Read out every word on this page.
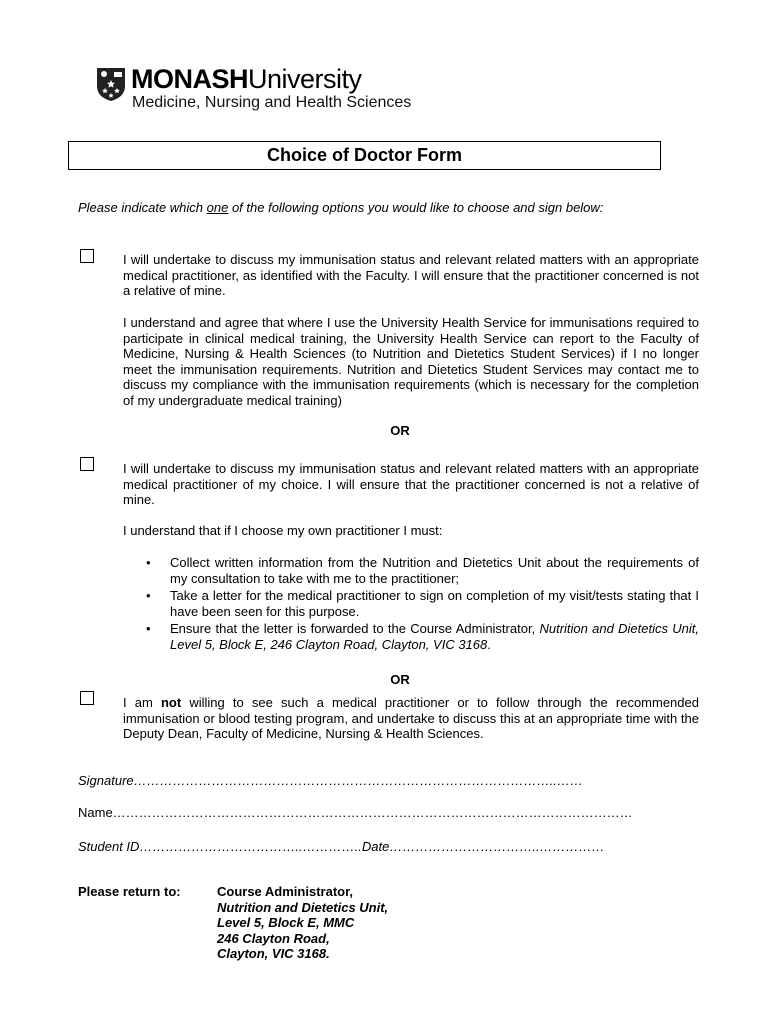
MONASHUniversity
Medicine, Nursing and Health Sciences
Choice of Doctor Form
Please indicate which one of the following options you would like to choose and sign below:
I will undertake to discuss my immunisation status and relevant related matters with an appropriate medical practitioner, as identified with the Faculty. I will ensure that the practitioner concerned is not a relative of mine.
I understand and agree that where I use the University Health Service for immunisations required to participate in clinical medical training, the University Health Service can report to the Faculty of Medicine, Nursing & Health Sciences (to Nutrition and Dietetics Student Services) if I no longer meet the immunisation requirements. Nutrition and Dietetics Student Services may contact me to discuss my compliance with the immunisation requirements (which is necessary for the completion of my undergraduate medical training)
OR
I will undertake to discuss my immunisation status and relevant related matters with an appropriate medical practitioner of my choice. I will ensure that the practitioner concerned is not a relative of mine.
I understand that if I choose my own practitioner I must:
• Collect written information from the Nutrition and Dietetics Unit about the requirements of my consultation to take with me to the practitioner;
• Take a letter for the medical practitioner to sign on completion of my visit/tests stating that I have been seen for this purpose.
• Ensure that the letter is forwarded to the Course Administrator, Nutrition and Dietetics Unit, Level 5, Block E, 246 Clayton Road, Clayton, VIC 3168.
OR
I am not willing to see such a medical practitioner or to follow through the recommended immunisation or blood testing program, and undertake to discuss this at an appropriate time with the Deputy Dean, Faculty of Medicine, Nursing & Health Sciences.
Signature……………………………………………………………………………………..……
Name…………………………………………………………………………………………………………
Student ID………………………………..…………..Date……………………………..……………
Please return to:	Course Administrator,
Nutrition and Dietetics Unit,
Level 5, Block E, MMC
246 Clayton Road,
Clayton, VIC 3168.
